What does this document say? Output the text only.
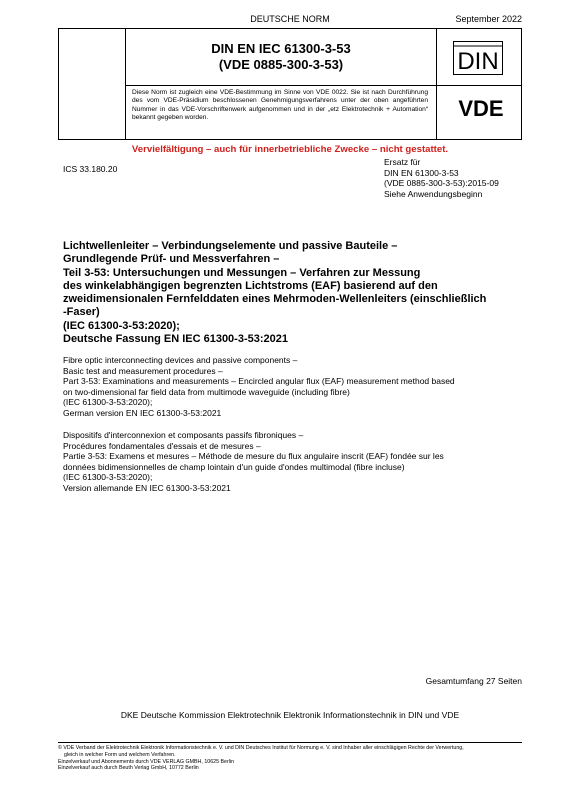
DEUTSCHE NORM	September 2022
DIN EN IEC 61300-3-53
(VDE 0885-300-3-53)	DIN
VDE
Diese Norm ist zugleich eine VDE-Bestimmung im Sinne von VDE 0022. Sie ist nach Durchführung des vom VDE-Präsidium beschlossenen Genehmigungsverfahrens unter der oben angeführten Nummer in das VDE-Vorschriftenwerk aufgenommen und in der „etz Elektrotechnik + Automation“ bekannt gegeben worden.
Vervielfältigung – auch für innerbetriebliche Zwecke – nicht gestattet.
ICS 33.180.20
Ersatz für
DIN EN 61300-3-53
(VDE 0885-300-3-53):2015-09
Siehe Anwendungsbeginn
Lichtwellenleiter – Verbindungselemente und passive Bauteile –
Grundlegende Prüf- und Messverfahren –
Teil 3-53: Untersuchungen und Messungen – Verfahren zur Messung
des winkelabhängigen begrenzten Lichtstroms (EAF) basierend auf den
zweidimensionalen Fernfelddaten eines Mehrmoden-Wellenleiters (einschließlich
-Faser)
(IEC 61300-3-53:2020);
Deutsche Fassung EN IEC 61300-3-53:2021
Fibre optic interconnecting devices and passive components –
Basic test and measurement procedures –
Part 3-53: Examinations and measurements – Encircled angular flux (EAF) measurement method based
on two-dimensional far field data from multimode waveguide (including fibre)
(IEC 61300-3-53:2020);
German version EN IEC 61300-3-53:2021
Dispositifs d'interconnexion et composants passifs fibroniques –
Procédures fondamentales d'essais et de mesures –
Partie 3-53: Examens et mesures – Méthode de mesure du flux angulaire inscrit (EAF) fondée sur les
données bidimensionnelles de champ lointain d'un guide d'ondes multimodal (fibre incluse)
(IEC 61300-3-53:2020);
Version allemande EN IEC 61300-3-53:2021
Gesamtumfang 27 Seiten
DKE Deutsche Kommission Elektrotechnik Elektronik Informationstechnik in DIN und VDE
© VDE Verband der Elektrotechnik Elektronik Informationstechnik e. V. und DIN Deutsches Institut für Normung e. V. sind Inhaber aller einschlägigen Rechte der Verwertung,
gleich in welcher Form und welchem Verfahren.
Einzelverkauf und Abonnements durch VDE VERLAG GMBH, 10625 Berlin
Einzelverkauf auch durch Beuth Verlag GmbH, 10772 Berlin
